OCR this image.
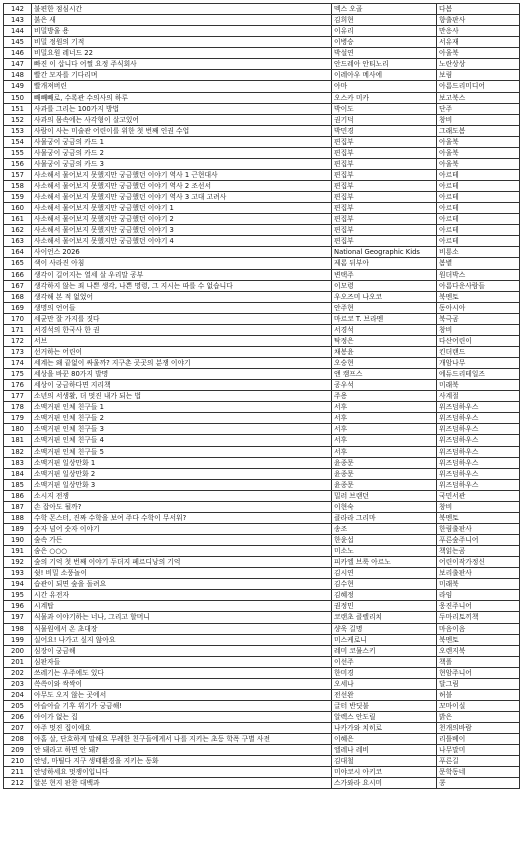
142	불편한 점심시간	멕스 오골	다봄
143	붉은 새	김희현	향출판사
144	비밀방울 용	이유리	만응사
145	비밀 정원의 기적	이병승	서유재
146	비밀요원 레너드 22	박설연	아울북
147	빠진 이 삽니다 어쩔 요정 주식회사	안드레아 안티노리	노란상상
148	빨간 모자를 기다리며	이레아우 메사에	보림
149	빨개져버린	아마	아름드리미디어
150	빼빼빼로, 수록관 수의사의 하루	오스카 미카	보고북스
151	사과를 그리는 100가지 방법	박이도	단주
152	사과의 몸속에는 사각형이 살고있어	권기덕	창비
153	사람이 사는 미술관 어린이를 위한 첫 번째 인권 수업	박민경	그래도봄
154	사물궁이 궁금의 카드 1	편집부	아울북
155	사물궁이 궁금의 카드 2	편집부	아울북
156	사물궁이 궁금의 카드 3	편집부	아울북
157	사소해서 물어보지 못했지만 궁금했던 이야기 역사 1 근현대사	편집부	아르테
158	사소해서 물어보지 못했지만 궁금했던 이야기 역사 2 조선서	편집부	아르테
159	사소해서 물어보지 못했지만 궁금했던 이야기 역사 3 고대 고려사	편집부	아르테
160	사소해서 물어보지 못했지만 궁금했던 이야기 1	편집부	아르테
161	사소해서 물어보지 못했지만 궁금했던 이야기 2	편집부	아르테
162	사소해서 물어보지 못했지만 궁금했던 이야기 3	편집부	아르테
163	사소해서 물어보지 못했지만 궁금했던 이야기 4	편집부	아르테
164	사이언스 2026	National Geographic Kids	비룡소
165	색이 사라진 아침	제롬 뒤부아	봄볕
166	생각이 길어지는 열세 살 우리말 공부	변택주	원더박스
167	생각하지 않는 죄 나쁜 생각, 나쁜 명령, 그 지시는 따를 수 없습니다	이모령	아름다운사람들
168	생각해 본 적 없었어	우오즈미 나오코	북멘토
169	생명의 언어들	안주현	동아시아
170	세균만 잘 가지를 짓다	마르코 T. 브라멘	북극곰
171	서경석의 한국사 한 권	서경석	창비
172	서브	탁정은	다산어린이
173	선거하는 어린이	채봉윤	킨더랜드
174	세계는 왜 끝없이 싸울까? 지구촌 곳곳의 분쟁 이야기	오승현	개암나무
175	세상을 바꾼 80가지 발명	앤 캠프스	에듀드리테일즈
176	세상이 궁금하다면 지리책	공우석	미래북
177	소년의 서생활, 더 멋진 내가 되는 법	주용	사계절
178	소맥거핀 인체 친구들 1	서후	위즈덤하우스
179	소맥거핀 인체 친구들 2	서후	위즈덤하우스
180	소맥거핀 인체 친구들 3	서후	위즈덤하우스
181	소맥거핀 인체 친구들 4	서후	위즈덤하우스
182	소맥거핀 인체 친구들 5	서후	위즈덤하우스
183	소맥거핀 일상만화 1	윤종문	위즈덤하우스
184	소맥거핀 일상만화 2	윤종문	위즈덤하우스
185	소맥거핀 일상만화 3	윤종문	위즈덤하우스
186	소시지 전쟁	밀러 브랜던	국민서관
187	손 잡아도 될까?	이현숙	창비
188	수학 몬스터, 진짜 수학을 보여 주다 수학이 무서워?	클라라 그리마	북멘토
189	숫자 넘어 숫자 이야기	송조	한림출판사
190	숲속 가든	한윤섭	푸른숲주니어
191	숨은 ○○○	미소노	책읽는곰
192	숲의 기억 첫 번째 이야기 두더지 페르디낭의 기억	피카엘 브룩 아르노	어린이작가정신
193	쉿! 비밀 소풍놀이	김시연	보리출판사
194	습관이 되면 숲을 돌려요	김수현	미래북
195	시간 유전자	김혜정	라임
196	시계탑	권정민	웅진주니어
197	식물과 이야기하는 너나, 그리고 할머니	코랜초 클렐리치	두마리토끼책
198	식물원에서 온 초대장	샹욱 길명	마음이음
199	실어요! 나가고 싶지 않아요	미스케로니	북멘토
200	심장이 궁금해	레미 코뮬스키	오렌지북
201	심판자들	이선주	책폴
202	쓰레기는 우주에도 있다	한미경	현암주니어
203	쓱쓱이와 싹싹이	오세나	달그림
204	아무도 오지 않는 곳에서	전선완	허블
205	아슬아슬 기후 위기가 궁금해!	글터 반딧불	꼬마이실
206	아이가 없는 집	알렉스 안도릴	밝은
207	아주 멋진 집이에요	나카가와 치히로	천개의바람
208	아홉 살, 단호하게 말해요 무례한 친구들에게서 나를 지키는 초등 학폭 구별 사전	이혜은	리틀베이
209	안 돼라고 하면 안 돼?	엘레나 레비	나무말미
210	안녕, 마틸다 지구 생태환경을 지키는 동화	김대철	푸른길
211	안녕하세요 멋쟁이입니다	미야코시 아키코	문학동네
212	알본 현지 판찬 대백과	스가와라 요시미	콩
